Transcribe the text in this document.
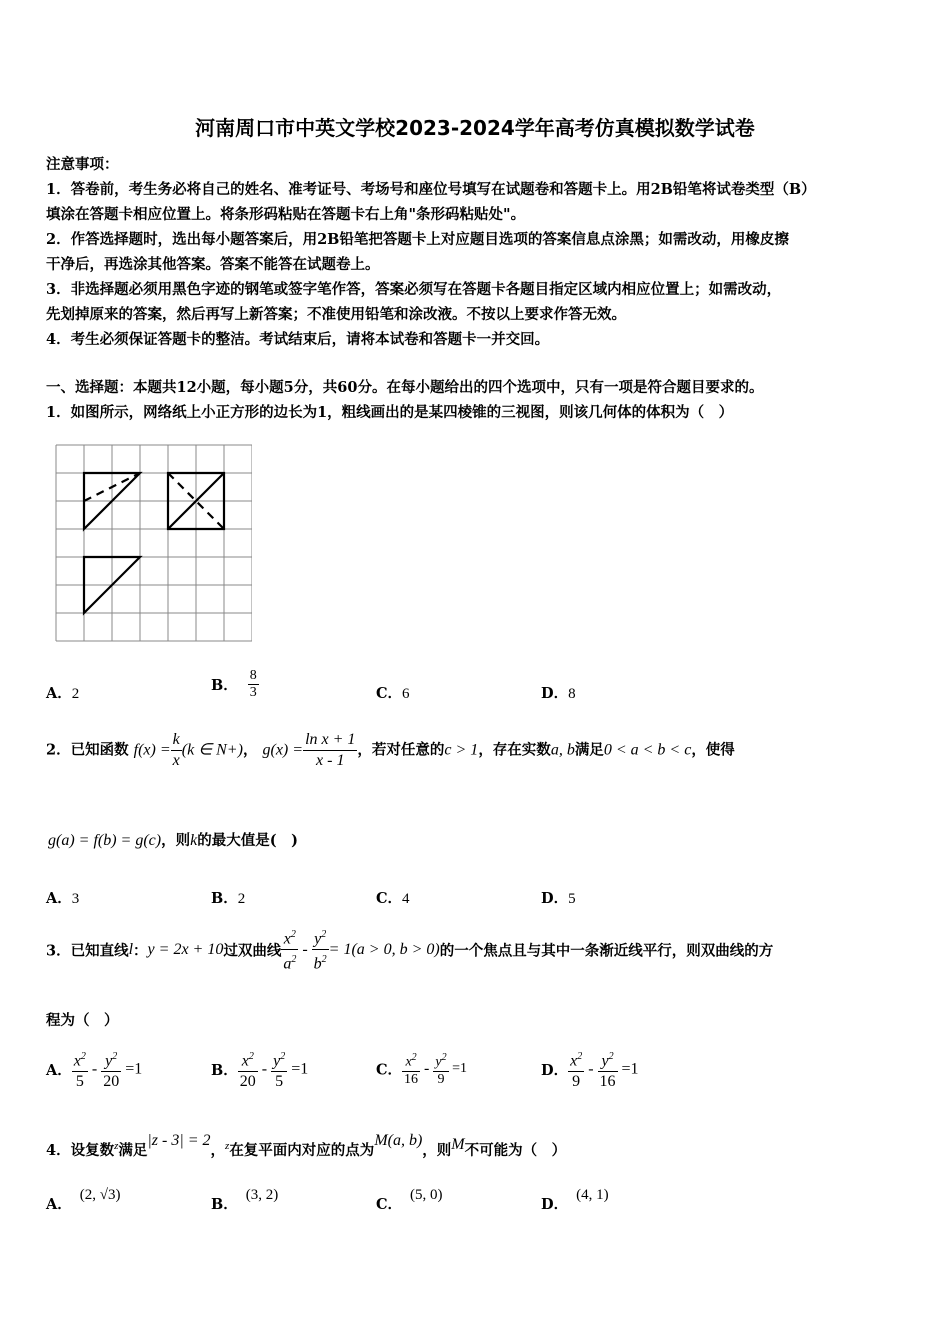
河南周口市中英文学校2023-2024学年高考仿真模拟数学试卷
注意事项：
1．答卷前，考生务必将自己的姓名、准考证号、考场号和座位号填写在试题卷和答题卡上。用2B铅笔将试卷类型（B）
填涂在答题卡相应位置上。将条形码粘贴在答题卡右上角"条形码粘贴处"。
2．作答选择题时，选出每小题答案后，用2B铅笔把答题卡上对应题目选项的答案信息点涂黑；如需改动，用橡皮擦
干净后，再选涂其他答案。答案不能答在试题卷上。
3．非选择题必须用黑色字迹的钢笔或签字笔作答，答案必须写在答题卡各题目指定区域内相应位置上；如需改动，
先划掉原来的答案，然后再写上新答案；不准使用铅笔和涂改液。不按以上要求作答无效。
4．考生必须保证答题卡的整洁。考试结束后，请将本试卷和答题卡一并交回。
一、选择题：本题共12小题，每小题5分，共60分。在每小题给出的四个选项中，只有一项是符合题目要求的。
1．如图所示，网络纸上小正方形的边长为1，粗线画出的是某四棱锥的三视图，则该几何体的体积为（　）
A．2	B． $\frac{8}{3}$	C．6	D．8
2．已知函数 $f(x) = \frac{k}{x} (k$ ∈ N+)， $g(x) = \frac{\text{ln x + 1}}{x - 1}$ ，若对任意的c > 1，存在实数a, b满足0 < a < b < c，使得
g(a) = f(b) = g(c)，则k的最大值是(　)
A．3	B．2	C．4	D．5
3．已知直线l：y = 2x + 10过双曲线 $\frac{x^2}{a^2} - \frac{y^2}{b^2} = 1(a > 0$, b > 0)的一个焦点且与其中一条渐近线平行，则双曲线的方
程为（　）
A． $\frac{x^2}{5} - \frac{y^2}{20} =1$	B． $\frac{x^2}{20} - \frac{y^2}{5} =1$	C． $\frac{x^2}{16} - \frac{y^2}{9} =1$	D． $\frac{x^2}{9} - \frac{y^2}{16} =1$
4．设复数$^z$满足|z - 3| = 2，$^z$在复平面内对应的点为M(a, b)，则M不可能为（　）
A．(2, √3)
B．(3, 2)
C．(5, 0)
D．(4, 1)
